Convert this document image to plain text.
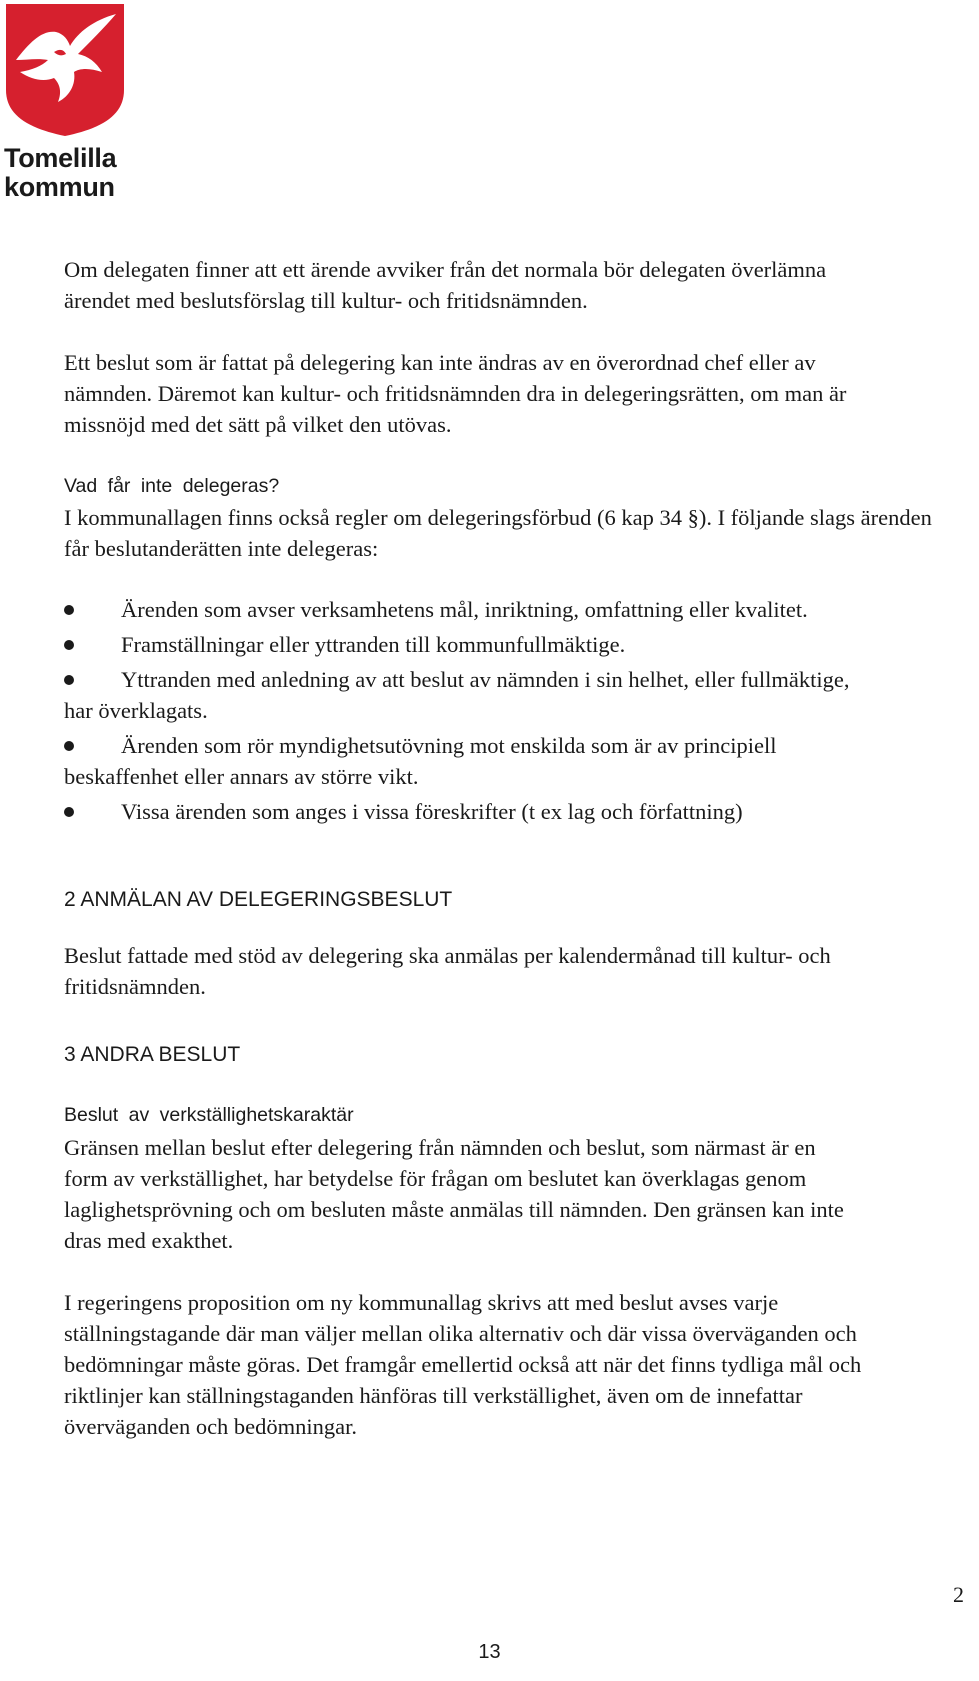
Tomelilla
kommun

Om delegaten finner att ett ärende avviker från det normala bör delegaten överlämna ärendet med beslutsförslag till kultur- och fritidsnämnden.

Ett beslut som är fattat på delegering kan inte ändras av en överordnad chef eller av nämnden. Däremot kan kultur- och fritidsnämnden dra in delegeringsrätten, om man är missnöjd med det sätt på vilket den utövas.

Vad får inte delegeras?

I kommunallagen finns också regler om delegeringsförbud (6 kap 34 §). I följande slags ärenden får beslutanderätten inte delegeras:

Ärenden som avser verksamhetens mål, inriktning, omfattning eller kvalitet.
Framställningar eller yttranden till kommunfullmäktige.
Yttranden med anledning av att beslut av nämnden i sin helhet, eller fullmäktige, har överklagats.
Ärenden som rör myndighetsutövning mot enskilda som är av principiell beskaffenhet eller annars av större vikt.
Vissa ärenden som anges i vissa föreskrifter (t ex lag och författning)
2 ANMÄLAN AV DELEGERINGSBESLUT

Beslut fattade med stöd av delegering ska anmälas per kalendermånad till kultur- och fritidsnämnden.

3 ANDRA BESLUT
Beslut av verkställighetskaraktär

Gränsen mellan beslut efter delegering från nämnden och beslut, som närmast är en form av verkställighet, har betydelse för frågan om beslutet kan överklagas genom laglighetsprövning och om besluten måste anmälas till nämnden. Den gränsen kan inte dras med exakthet.

I regeringens proposition om ny kommunallag skrivs att med beslut avses varje ställningstagande där man väljer mellan olika alternativ och där vissa överväganden och bedömningar måste göras. Det framgår emellertid också att när det finns tydliga mål och riktlinjer kan ställningstaganden hänföras till verkställighet, även om de innefattar överväganden och bedömningar.

2
13
